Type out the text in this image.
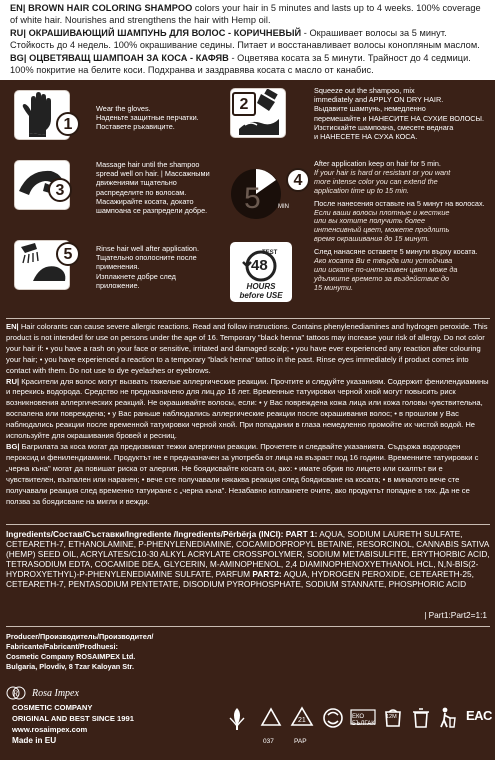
EN| BROWN HAIR COLORING SHAMPOO colors your hair in 5 minutes and lasts up to 4 weeks. 100% coverage of white hair. Nourishes and strengthens the hair with Hemp oil.

RU| ОКРАШИВАЮЩИЙ ШАМПУНЬ ДЛЯ ВОЛОС - КОРИЧНЕВЫЙ - Окрашивает волосы за 5 минут. Стойкость до 4 недель. 100% окрашивание седины. Питает и восстанавливает волосы конопляным маслом.

BG| ОЦВЕТЯВАЩ ШАМПОАН ЗА КОСА - КАФЯВ - Оцветява косата за 5 минути. Трайност до 4 седмици. 100% покритие на белите коси. Подхранва и заздравява косата с масло от канабис.

1
Wear the gloves.
Наденьте защитные перчатки.
Поставете ръкавиците.
2
Squeeze out the shampoo, mix
immediately and APPLY ON DRY HAIR.
Выдавите шампунь, немедленно
перемешайте и НАНЕСИТЕ НА СУХИЕ ВОЛОСЫ.
Изстискайте шампоана, смесете веднага
и НАНЕСЕТЕ НА СУХА КОСА.
3
Massage hair until the shampoo
spread well on hair. | Массажными
движениями тщательно
распределите по волосам.
Масажирайте косата, докато
шампоана се разпредели добре.	5	MIN
4
After application keep on hair for 5 min.
If your hair is hard or resistant or you want
more intense color you can extend the
application time up to 15 min.
После нанесения оставьте на 5 минут на волосах.
Если ваши волосы плотные и жесткие
или вы хотите получить более
интенсивный цвет, можете продлить
время окрашивания до 15 минут.
След нанасяне оставете 5 минути върху косата.
Ако косата Ви е твърда или устойчива
или искате по-интензивен цвят може да
удължите времето за въздействие до
15 минути.
5	Rinse hair well after application.
Тщательно ополосните после
применения.
Изплакнете добре след
приложение.
TEST
48
HOURS
before USE

EN| Hair colorants can cause severe allergic reactions. Read and follow instructions. Contains phenylenediamines and hydrogen peroxide. This product is not intended for use on persons under the age of 16. Temporary "black henna" tattoos may increase your risk of allergy. Do not color your hair if: • you have a rash on your face or sensitive, irritated and damaged scalp; • you have ever experienced any reaction after colouring your hair; • you have experienced a reaction to a temporary "black henna" tattoo in the past. Rinse eyes immediately if product comes into contact with them. Do not use to dye eyelashes or eyebrows.

RU| Красители для волос могут вызвать тяжелые аллергические реакции. Прочтите и следуйте указаниям. Содержит фенилендиамины и перекись водорода. Средство не предназначено для лиц до 16 лет. Временные татуировки черной хной могут повысить риск возникновения аллергических реакций. Не окрашивайте волосы, если: • у Вас повреждена кожа лица или кожа головы чувствительна, воспалена или повреждена; • у Вас раньше наблюдались аллергические реакции после окрашивания волос; • в прошлом у Вас наблюдались реакции после временной татуировки черной хной. При попадании в глаза немедленно промойте их чистой водой. Не используйте для окрашивания бровей и ресниц.

BG| Багрилата за коса могат да предизвикат тежки алергични реакции. Прочетете и следвайте указанията. Съдържа водороден пероксид и фенилендиамини. Продуктът не е предназначен за употреба от лица на възраст под 16 години. Временните татуировки с „черна къна" могат да повишат риска от алергия. Не боядисвайте косата си, ако: • имате обрив по лицето или скалпът ви е чувствителен, възпален или наранен; • вече сте получавали някаква реакция след боядисване на косата; • в миналото вече сте получавали реакция след временно татуиране с „черна къна". Незабавно изплакнете очите, ако продуктът попадне в тях. Да не се ползва за боядисване на мигли и вежди.

Ingredients/Состав/Съставки/Ingrediente /Ingredients/Përbërja (INCI): PART 1: AQUA, SODIUM LAURETH SULFATE, CETEARETH-7, ETHANOLAMINE, P-PHENYLENEDIAMINE, COCAMIDOPROPYL BETAINE, RESORCINOL, CANNABIS SATIVA (HEMP) SEED OIL, ACRYLATES/C10-30 ALKYL ACRYLATE CROSSPOLYMER, SODIUM METABISULFITE, ERYTHORBIC ACID, TETRASODIUM EDTA, COCAMIDE DEA, GLYCERIN, M-AMINOPHENOL, 2,4 DIAMINOPHENOXYETHANOL HCL, N,N-BIS(2-HYDROXYETHYL)-P-PHENYLENEDIAMINE SULFATE, PARFUM PART2: AQUA, HYDROGEN PEROXIDE, CETEARETH-25, CETEARETH-7, PENTASODIUM PENTETATE, DISODIUM PYROPHOSPHATE, SODIUM STANNATE, PHOSPHORIC ACID

| Part1:Part2=1:1

Producer/Производитель/Производител/

Fabricante/Fabricant/Prodhuesi:

Cosmetic Company ROSAIMPEX Ltd.

Bulgaria, Plovdiv, 8 Tzar Kaloyan Str.

R Rosa Impex
COSMETIC COMPANY
ORIGINAL AND BEST SINCE 1991
www.rosaimpex.com
Made in EU	037
21
PAP
ЕКО БЪЛГАК
12M	EAC
